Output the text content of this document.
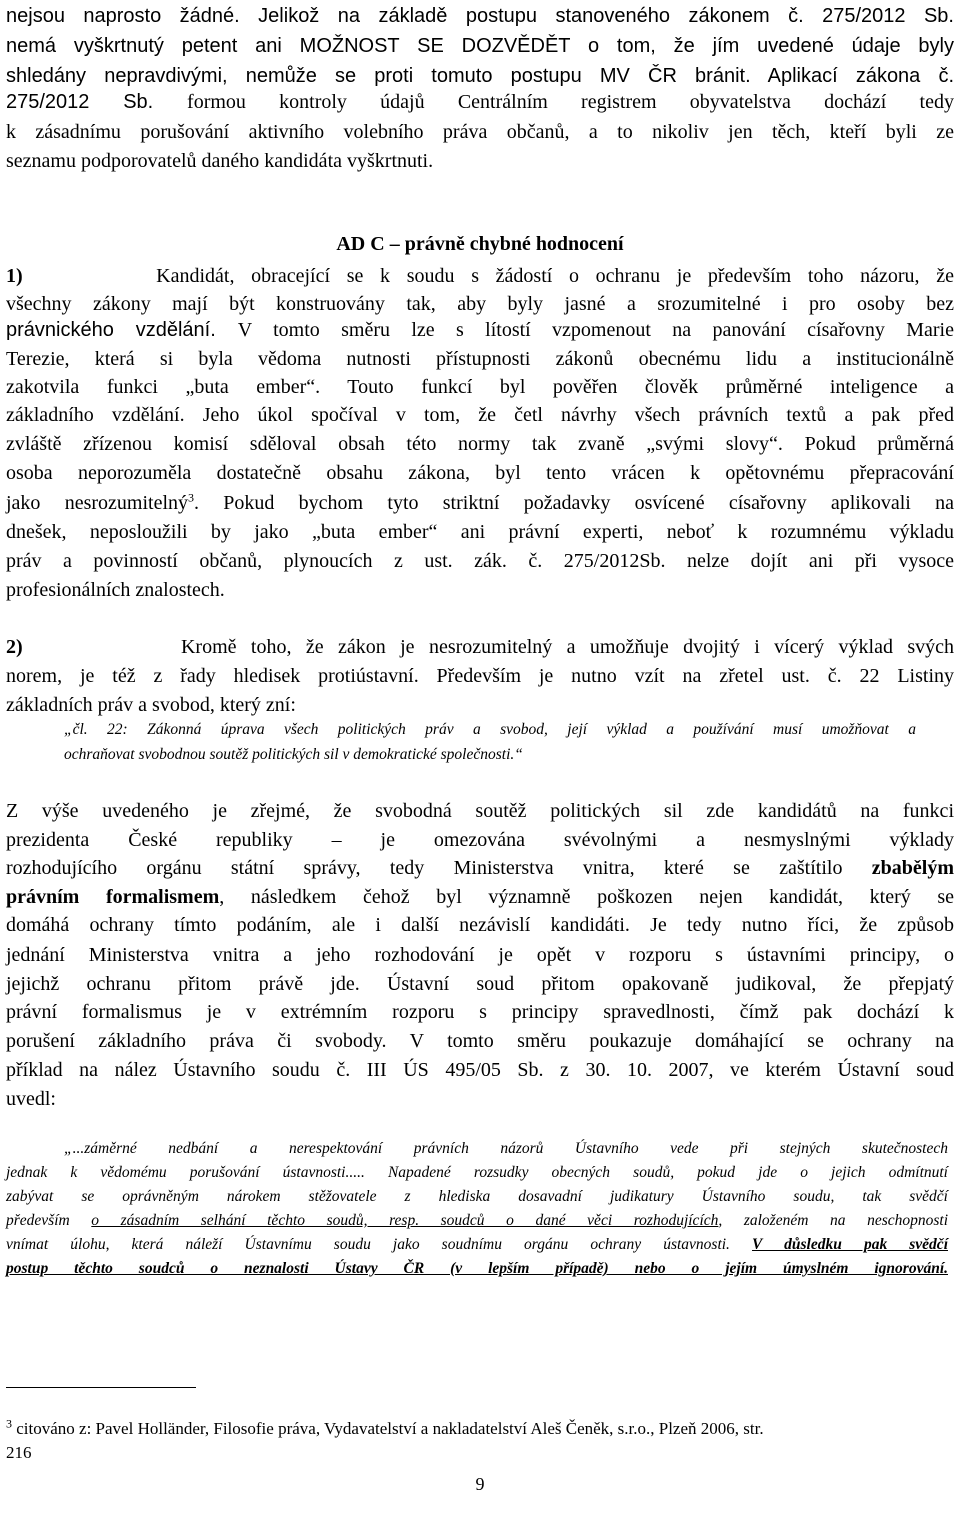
nejsou naprosto žádné. Jelikož na základě postupu stanoveného zákonem č. 275/2012 Sb.
nemá vyškrtnutý petent ani MOŽNOST SE DOZVĚDĚT o tom, že jím uvedené údaje byly
shledány nepravdivými, nemůže se proti tomuto postupu MV ČR bránit. Aplikací zákona č.
275/2012 Sb. formou kontroly údajů Centrálním registrem obyvatelstva dochází tedy
k zásadnímu porušování aktivního volebního práva občanů, a to nikoliv jen těch, kteří byli ze
seznamu podporovatelů daného kandidáta vyškrtnuti.
AD C – právně chybné hodnocení
1)	Kandidát, obracející se k soudu s žádostí o ochranu je především toho názoru, že
všechny zákony mají být konstruovány tak, aby byly jasné a srozumitelné i pro osoby bez
právnického vzdělání. V tomto směru lze s lítostí vzpomenout na panování císařovny Marie
Terezie, která si byla vědoma nutnosti přístupnosti zákonů obecnému lidu a institucionálně
zakotvila funkci „buta ember“. Touto funkcí byl pověřen člověk průměrné inteligence a
základního vzdělání. Jeho úkol spočíval v tom, že četl návrhy všech právních textů a pak před
zvláště zřízenou komisí sděloval obsah této normy tak zvaně „svými slovy“. Pokud průměrná
osoba neporozuměla dostatečně obsahu zákona, byl tento vrácen k opětovnému přepracování
jako nesrozumitelný$^3$. Pokud bychom tyto striktní požadavky osvícené císařovny aplikovali na
dnešek, neposloužili by jako „buta ember“ ani právní experti, neboť k rozumnému výkladu
práv a povinností občanů, plynoucích z ust. zák. č. 275/2012Sb. nelze dojít ani při vysoce
profesionálních znalostech.
2)	Kromě toho, že zákon je nesrozumitelný a umožňuje dvojitý i vícerý výklad svých
norem, je též z řady hledisek protiústavní. Především je nutno vzít na zřetel ust. č. 22 Listiny
základních práv a svobod, který zní:
„čl. 22: Zákonná úprava všech politických práv a svobod, její výklad a používání musí umožňovat a
ochraňovat svobodnou soutěž politických sil v demokratické společnosti.“
Z výše uvedeného je zřejmé, že svobodná soutěž politických sil zde kandidátů na funkci
prezidenta České republiky – je omezována svévolnými a nesmyslnými výklady
rozhodujícího orgánu státní správy, tedy Ministerstva vnitra, které se zaštítilo zbabělým
právním formalismem, následkem čehož byl významně poškozen nejen kandidát, který se
domáhá ochrany tímto podáním, ale i další nezávislí kandidáti. Je tedy nutno říci, že způsob
jednání Ministerstva vnitra a jeho rozhodování je opět v rozporu s ústavními principy, o
jejichž ochranu přitom právě jde. Ústavní soud přitom opakovaně judikoval, že přepjatý
právní formalismus je v extrémním rozporu s principy spravedlnosti, čímž pak dochází k
porušení základního práva či svobody. V tomto směru poukazuje domáhající se ochrany na
příklad na nález Ústavního soudu č. III ÚS 495/05 Sb. z 30. 10. 2007, ve kterém Ústavní soud
uvedl:
„...záměrné nedbání a nerespektování právních názorů Ústavního vede při stejných skutečnostech
jednak k vědomému porušování ústavnosti..... Napadené rozsudky obecných soudů, pokud jde o jejich odmítnutí
zabývat se oprávněným nárokem stěžovatele z hlediska dosavadní judikatury Ústavního soudu, tak svědčí
především o zásadním selhání těchto soudů, resp. soudců o dané věci rozhodujících, založeném na neschopnosti
vnímat úlohu, která náleží Ústavnímu soudu jako soudnímu orgánu ochrany ústavnosti. V důsledku pak svědčí
postup těchto soudců o neznalosti Ústavy ČR (v lepším případě) nebo o jejím úmyslném ignorování.
$^3$ citováno z: Pavel Holländer, Filosofie práva, Vydavatelství a nakladatelství Aleš Čeněk, s.r.o., Plzeň 2006, str.
216
9
